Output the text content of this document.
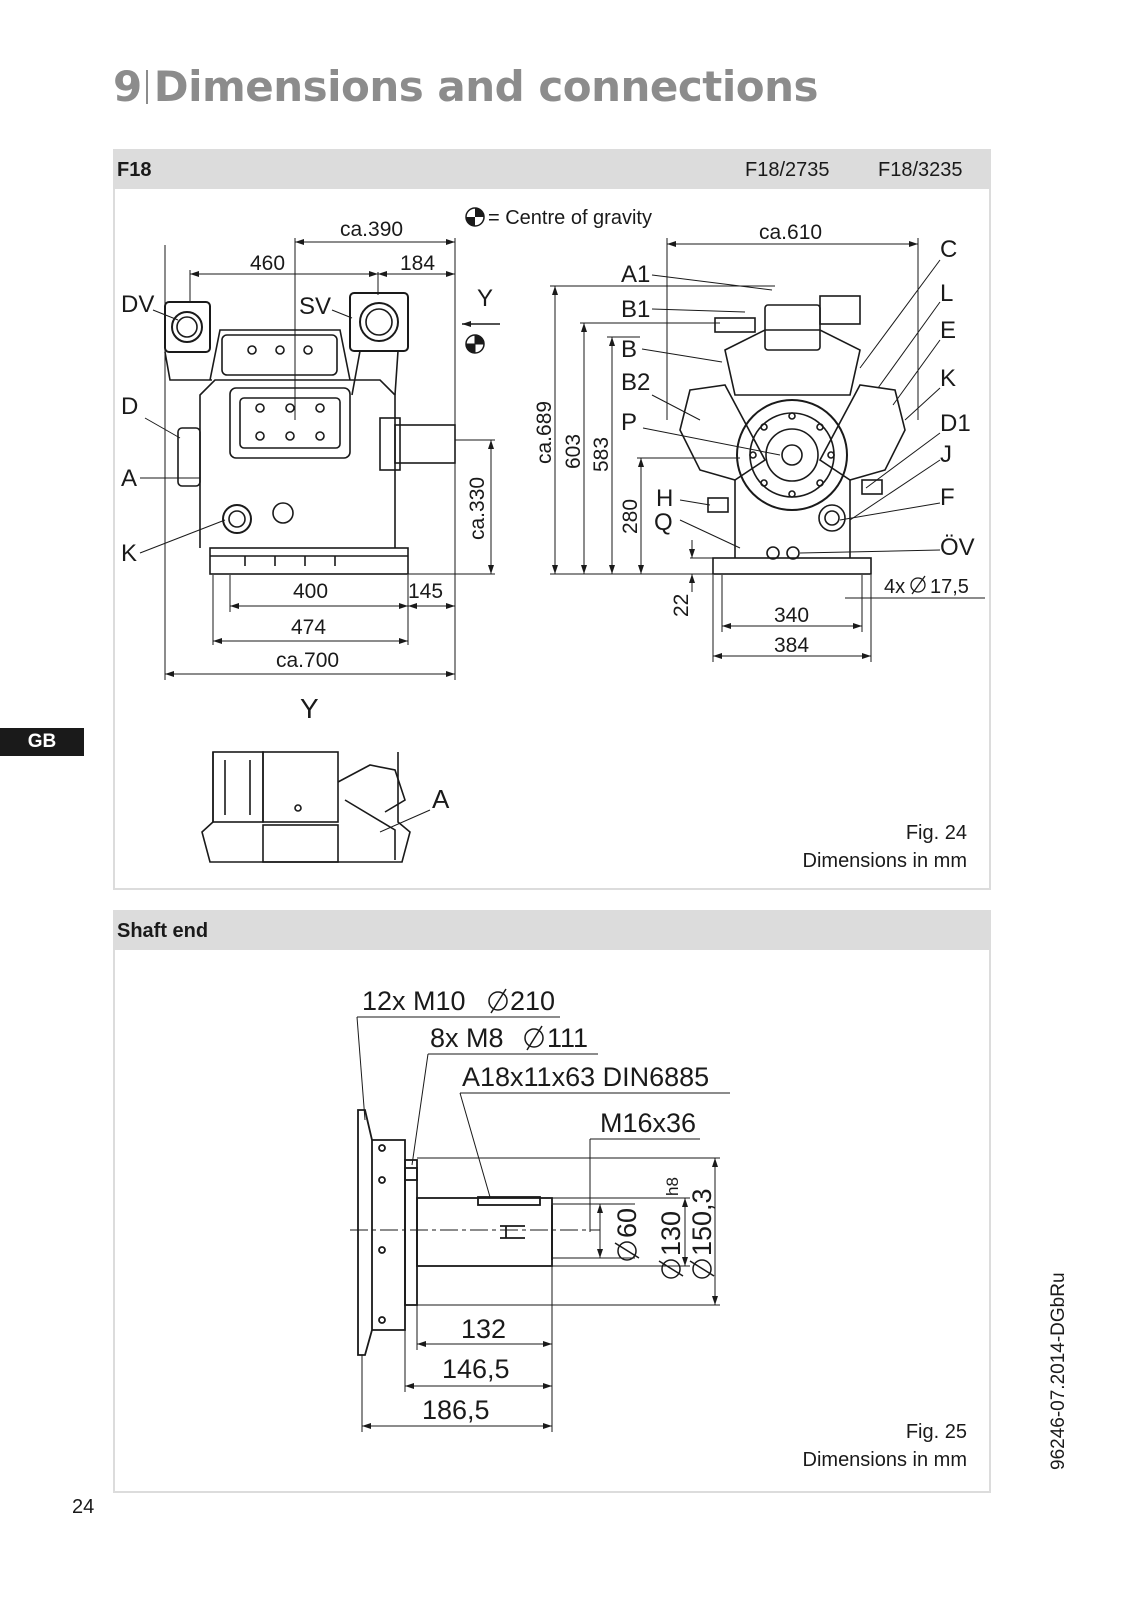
9 Dimensions and connections
F18	F18/2735 F18/3235
Fig. 24
Dimensions in mm
Shaft end
Fig. 25
Dimensions in mm
= Centre of gravity
ca.390
460	184
400	145
474
ca.700
ca.330
DV	SV	Y
D
A
K
ca.610
ca.689 603 583
280
22	340
384
4x 17,5
A1
B1
B
B2
P
H
Q
C
L
E
K
D1
J
F
ÖV
Y
A
12x M10 210
8x M8 111
A18x11x63 DIN6885
M16x36
60 130
h8
150,3
132
146,5
186,5
GB
24
96246-07.2014-DGbRu
